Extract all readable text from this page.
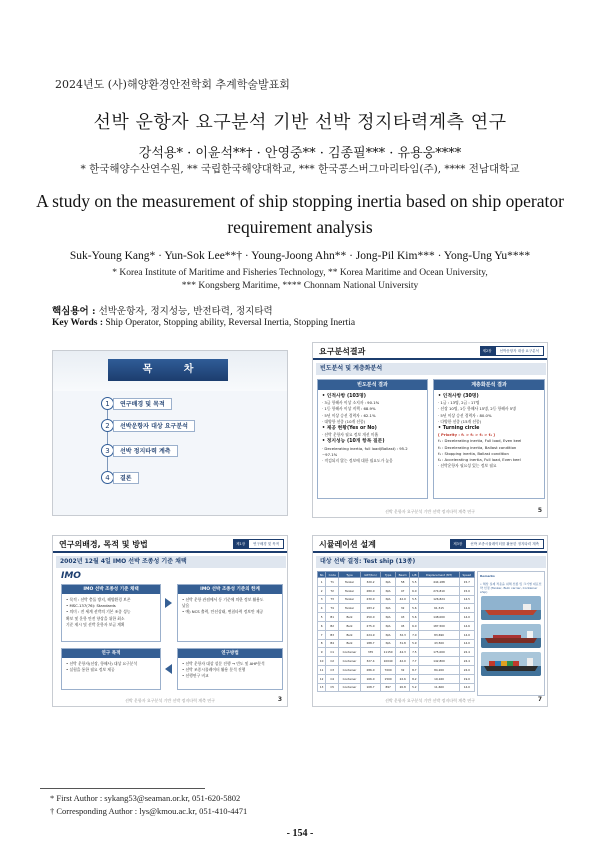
2024년도 (사)해양환경안전학회 추계학술발표회
선박 운항자 요구분석 기반 선박 정지타력계측 연구
강석용* · 이윤석**† · 안영중** · 김종필*** · 유용웅****
* 한국해양수산연수원, ** 국립한국해양대학교, *** 한국콩스버그마리타임(주), **** 전남대학교
A study on the measurement of ship stopping inertia based on ship operator
requirement analysis
Suk-Young Kang* · Yun-Sok Lee**† · Young-Joong Ahn** · Jong-Pil Kim*** · Yong-Ung Yu****
* Korea Institute of Maritime and Fisheries Technology, ** Korea Maritime and Ocean University,
*** Kongsberg Maritime, **** Chonnam National University
핵심용어 : 선박운항자, 정지성능, 반전타력, 정지타력
Key Words : Ship Operator, Stopping ability, Reversal Inertia, Stopping Inertia
목 차
1	연구배경 및 목적
2	선박운항자 대상 요구분석
3	선박 정지타력 계측
4	결론
요구분석결과	제2장	선박운항자 대상 요구분석
빈도분석 및 계층화분석
빈도분석 결과
• 인적사항 (103명)
· 3급 항해사 이상 소지자 : 90.1%
· 1등 항해사 이상 직책 : 68.9%
· 5년 이상 승선 경력자 : 62.1%
· 대양항 선종 (10개 선종)
• 제공 현황(Yes or No)
· 선박 운항자 필요 정보 개선 미흡
• 정지성능 (10개 항목 질문)
· Decelerating inertia, full load(Ballast) : 95.2
~97.1%
· 적검되지 않는 정보에 대한 필요도가 높음
계층화분석 결과
• 인적사항 (30명)
· 1급 : 13명, 2급 : 17명
· 선장 10명, 1등 항해사 15명, 2등 항해사 5명
· 5년 이상 승선 경력자 : 80.0%
· 다양한 선종 (15개 선종)
• Turning circle
[ Priority : f₁ > f₂ > f₃ > f₄ ]
f₁ : Decelerating inertia, Full load, Even keel
f₂ : Decelerating inertia, Ballast condition
f₃ : Stopping inertia, Ballast condition
f₄ : Accelerating inertia, Full load, Even keel
· 선박운항자 필요성 있는 정보 필요
선박 운항자 요구분석 기반 선박 정지타력 계측 연구	5
연구의배경, 목적 및 방법	제1장	연구배경 및 목적
2002년 12월 4일 IMO 선박 조종성 기준 채택
IMO
IMO 선박 조종성 기준 채택
• 목적 : 선박 충돌 방지, 해양환경 보존
• MSC.137(76): Standards
• 의미 : 전 세계 선박의 기본 조종 성능
확보 및 운항 안전 향상을 위한 최소
기준 제시 및 선박 운항자 보급 계획
IMO 선박 조종성 기준의 한계
• 선박 운항 관점에서 동 기준에 의한 정보 활용도
낮음
• 예) NCS 출력, 안선상태, 변침타력 정보만 제공
연구 목적
• 선박 운항자(선장, 항해사) 대상 요구분석
• 실험을 통한 필요 정보 제공
연구방법
• 선박 운항자 대상 설문 진행 → 빈도 및 AHP분석
• 선박 조종시뮬레이터 활용 분석 진행
• 선행연구 비교
선박 운항자 요구분석 기반 선박 정지타력 계측 연구	3
시뮬레이션 설계	제3장	선박 조종시뮬레이터를 활용한 정지타력 계측
대상 선박 결정: Test ship (13종)
No	Code	Type	GRT(ton)	Type	Beam	L/B	Displacement (MT)	Speed
1	T1	Tanker	320.2	N/A	58	5.5	444,188	15.7
2	T2	Tanker	280.0	N/A	47	6.0	274,810	15.0
3	T3	Tanker	230.0	N/A	42.0	5.5	126,824	14.5
4	T4	Tanker	183.2	N/A	32	5.6	61,515	14.6
5	B1	Bulk	250.0	N/A	43	5.6	148,000	14.0
6	B2	Bulk	275.0	N/A	45	6.0	187,500	14.6
7	B3	Bulk	224.9	N/A	32.3	7.0	83,690	14.0
8	B4	Bulk	188.7	N/A	31.8	5.9	43,500	14.0
9	C1	Container	335	11150	44.3	7.5	175,000	22.4
10	C2	Container	327.4	10040	42.0	7.7	142,800	24.4
11	C3	Container	286.0	7000	32	8.7	84,200	24.0
12	C4	Container	166.0	1500	22.6	8.2	19,160	19.0
13	C5	Container	108.7	897	20.8	5.2	11,600	14.0
Remarks
• 해상 실제 적용을 위해 선종 및 크기별 대표선박 선정 (Tanker, Bulk carrier, Container ship)
선박 운항자 요구분석 기반 선박 정지타력 계측 연구	7
* First Author : sykang53@seaman.or.kr, 051-620-5802
† Corresponding Author : lys@kmou.ac.kr, 051-410-4471
- 154 -
